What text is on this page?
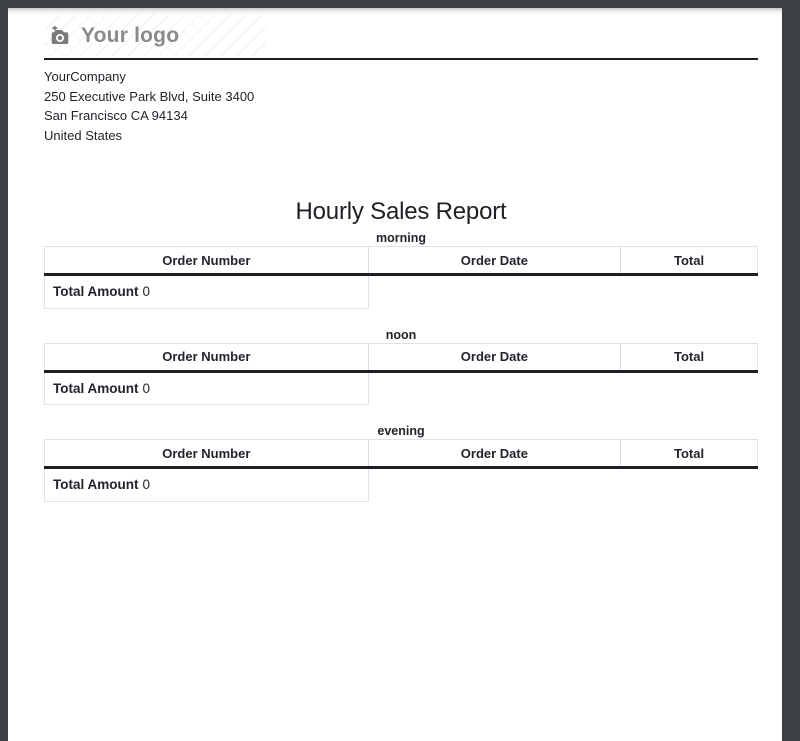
Your logo
YourCompany
250 Executive Park Blvd, Suite 3400
San Francisco CA 94134
United States
Hourly Sales Report
morning
Order Number	Order Date	Total
Total Amount 0		
noon
Order Number	Order Date	Total
Total Amount 0		
evening
Order Number	Order Date	Total
Total Amount 0		
